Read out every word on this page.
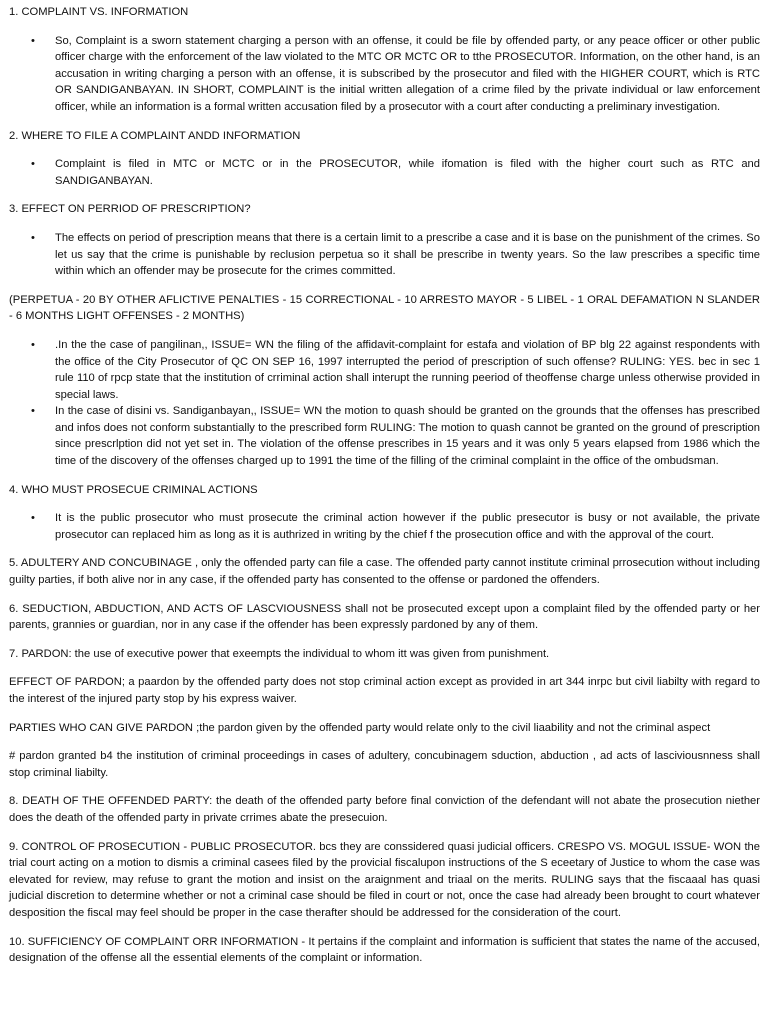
1. COMPLAINT VS. INFORMATION

• So, Complaint is a sworn statement charging a person with an offense, it could be file by offended party, or any peace officer or other public officer charge with the enforcement of the law violated to the MTC OR MCTC OR to tthe PROSECUTOR. Information, on the other hand, is an accusation in writing charging a person with an offense, it is subscribed by the prosecutor and filed with the HIGHER COURT, which is RTC OR SANDIGANBAYAN. IN SHORT, COMPLAINT is the initial written allegation of a crime filed by the private individual or law enforcement officer, while an information is a formal written accusation filed by a prosecutor with a court after conducting a preliminary investigation.

2. WHERE TO FILE A COMPLAINT ANDD INFORMATION

• Complaint is filed in MTC or MCTC or in the PROSECUTOR, while ifomation is filed with the higher court such as RTC and SANDIGANBAYAN.

3. EFFECT ON PERRIOD OF PRESCRIPTION?

• The effects on period of prescription means that there is a certain limit to a prescribe a case and it is base on the punishment of the crimes. So let us say that the crime is punishable by reclusion perpetua so it shall be prescribe in twenty years. So the law prescribes a specific time within which an offender may be prosecute for the crimes committed.

(PERPETUA - 20 BY OTHER AFLICTIVE PENALTIES - 15 CORRECTIONAL - 10 ARRESTO MAYOR - 5 LIBEL - 1 ORAL DEFAMATION N SLANDER - 6 MONTHS LIGHT OFFENSES - 2 MONTHS)

• .In the the case of pangilinan,, ISSUE= WN the filing of the affidavit-complaint for estafa and violation of BP blg 22 against respondents with the office of the City Prosecutor of QC ON SEP 16, 1997 interrupted the period of prescription of such offense? RULING: YES. bec in sec 1 rule 110 of rpcp state that the institution of crriminal action shall interupt the running peeriod of theoffense charge unless otherwise provided in special laws.
• In the case of disini vs. Sandiganbayan,, ISSUE= WN the motion to quash should be granted on the grounds that the offenses has prescribed and infos does not conform substantially to the prescribed form RULING: The motion to quash cannot be granted on the ground of prescription since prescrlption did not yet set in. The violation of the offense prescribes in 15 years and it was only 5 years elapsed from 1986 which the time of the discovery of the offenses charged up to 1991 the time of the filling of the criminal complaint in the office of the ombudsman.

4. WHO MUST PROSECUE CRIMINAL ACTIONS

• It is the public prosecutor who must prosecute the criminal action however if the public presecutor is busy or not available, the private prosecutor can replaced him as long as it is authrized in writing by the chief f the prosecution office and with the approval of the court.

5. ADULTERY AND CONCUBINAGE , only the offended party can file a case. The offended party cannot institute criminal prrosecution without including guilty parties, if both alive nor in any case, if the offended party has consented to the offense or pardoned the offenders.

6. SEDUCTION, ABDUCTION, AND ACTS OF LASCVIOUSNESS shall not be prosecuted except upon a complaint filed by the offended party or her parents, grannies or guardian, nor in any case if the offender has been expressly pardoned by any of them.

7. PARDON: the use of executive power that exeempts the individual to whom itt was given from punishment.

EFFECT OF PARDON; a paardon by the offended party does not stop criminal action except as provided in art 344 inrpc but civil liabilty with regard to the interest of the injured party stop by his express waiver.

PARTIES WHO CAN GIVE PARDON ;the pardon given by the offended party would relate only to the civil liaability and not the criminal aspect

# pardon granted b4 the institution of criminal proceedings in cases of adultery, concubinagem sduction, abduction , ad acts of lasciviousnness shall stop criminal liabilty.

8. DEATH OF THE OFFENDED PARTY: the death of the offended party before final conviction of the defendant will not abate the prosecution niether does the death of the offended party in private crrimes abate the presecuion.

9. CONTROL OF PROSECUTION - PUBLIC PROSECUTOR. bcs they are conssidered quasi judicial officers. CRESPO VS. MOGUL ISSUE- WON the trial court acting on a motion to dismis a criminal casees filed by the provicial fiscalupon instructions of the S eceetary of Justice to whom the case was elevated for review, may refuse to grant the motion and insist on the araignment and triaal on the merits. RULING says that the fiscaaal has quasi judicial discretion to determine whether or not a criminal case should be filed in court or not, once the case had already been brought to court whatever desposition the fiscal may feel should be proper in the case therafter should be addressed for the consideration of the court.

10. SUFFICIENCY OF COMPLAINT ORR INFORMATION - It pertains if the complaint and information is sufficient that states the name of the accused, designation of the offense all the essential elements of the complaint or information.
